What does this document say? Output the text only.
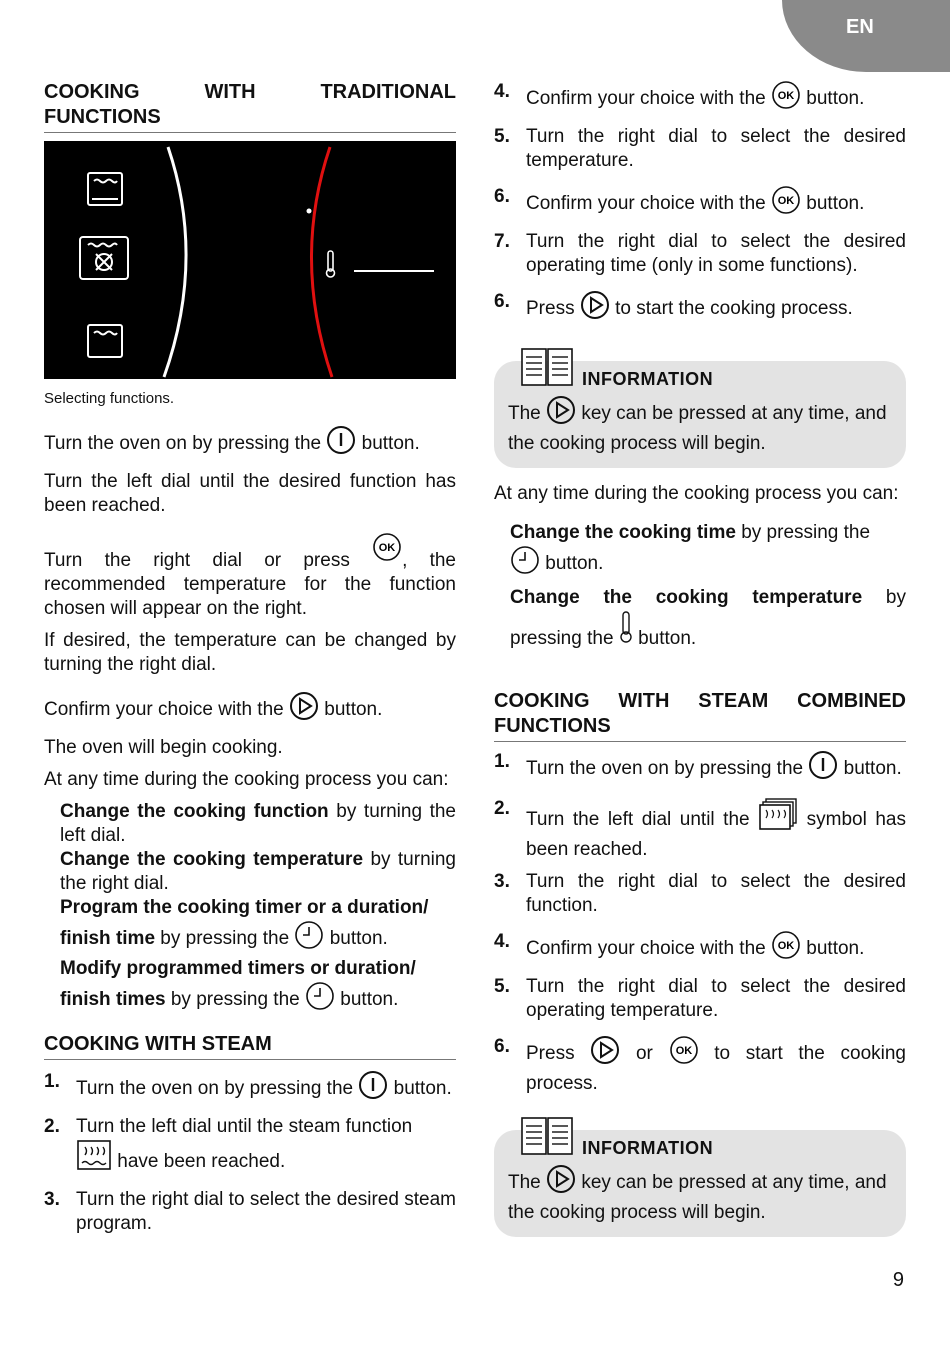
EN
COOKING WITH TRADITIONAL FUNCTIONS
Selecting functions.
Turn the oven on by pressing the button.
Turn the left dial until the desired function has been reached.
Turn the right dial or press
OK
, the recommended temperature for the function chosen will appear on the right.
If desired, the temperature can be changed by turning the right dial.
Confirm your choice with the button.
The oven will begin cooking.
At any time during the cooking process you can:
Change the cooking function by turning the left dial.
Change the cooking temperature by turning the right dial.
Program the cooking timer or a duration/
finish time by pressing the button.
Modify programmed timers or duration/
finish times by pressing the button.
COOKING WITH STEAM
1. Turn the oven on by pressing the button.
2. Turn the left dial until the steam function
have been reached.
3. Turn the right dial to select the desired steam program.
4. Confirm your choice with the OK button.
5. Turn the right dial to select the desired temperature.
6. Confirm your choice with the OK button.
7. Turn the right dial to select the desired operating time (only in some functions).
6. Press to start the cooking process.
INFORMATION
The key can be pressed at any time, and the cooking process will begin.
At any time during the cooking process you can:
Change the cooking time by pressing the
button.
Change the cooking temperature by
pressing the button.
COOKING WITH STEAM COMBINED FUNCTIONS
1. Turn the oven on by pressing the button.
2.
Turn the left dial until the	symbol has been reached.
3. Turn the right dial to select the desired function.
4. Confirm your choice with the OK button.
5. Turn the right dial to select the desired operating temperature.
6. Press	or OK to start the cooking process.
INFORMATION
The key can be pressed at any time, and the cooking process will begin.
9
